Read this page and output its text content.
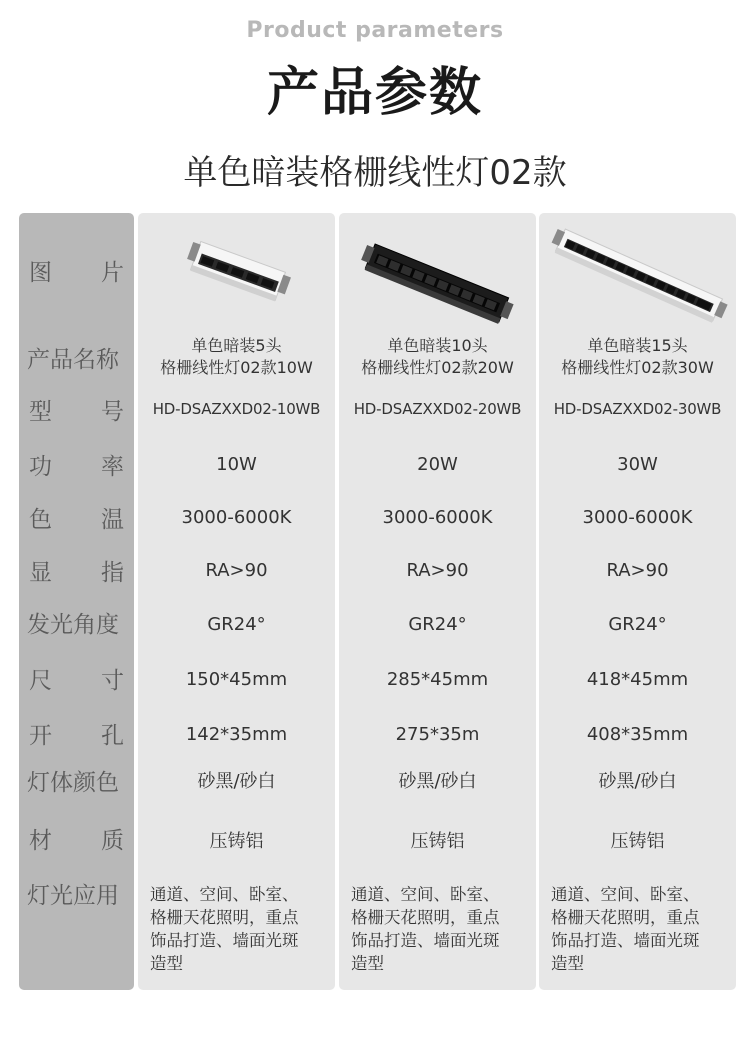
Product parameters
产品参数
单色暗装格栅线性灯02款
图 片
产品名称
型 号
功 率
色 温
显 指
发光角度
尺 寸
开 孔
灯体颜色
材 质
灯光应用
单色暗装5头
格栅线性灯02款10W
HD-DSAZXXD02-10WB
10W
3000-6000K
RA>90
GR24°
150*45mm
142*35mm
砂黑/砂白
压铸铝
通道、空间、卧室、
格栅天花照明，重点
饰品打造、墙面光斑
造型
单色暗装10头
格栅线性灯02款20W
HD-DSAZXXD02-20WB
20W
3000-6000K
RA>90
GR24°
285*45mm
275*35m
砂黑/砂白
压铸铝
通道、空间、卧室、
格栅天花照明，重点
饰品打造、墙面光斑
造型
单色暗装15头
格栅线性灯02款30W
HD-DSAZXXD02-30WB
30W
3000-6000K
RA>90
GR24°
418*45mm
408*35mm
砂黑/砂白
压铸铝
通道、空间、卧室、
格栅天花照明，重点
饰品打造、墙面光斑
造型
